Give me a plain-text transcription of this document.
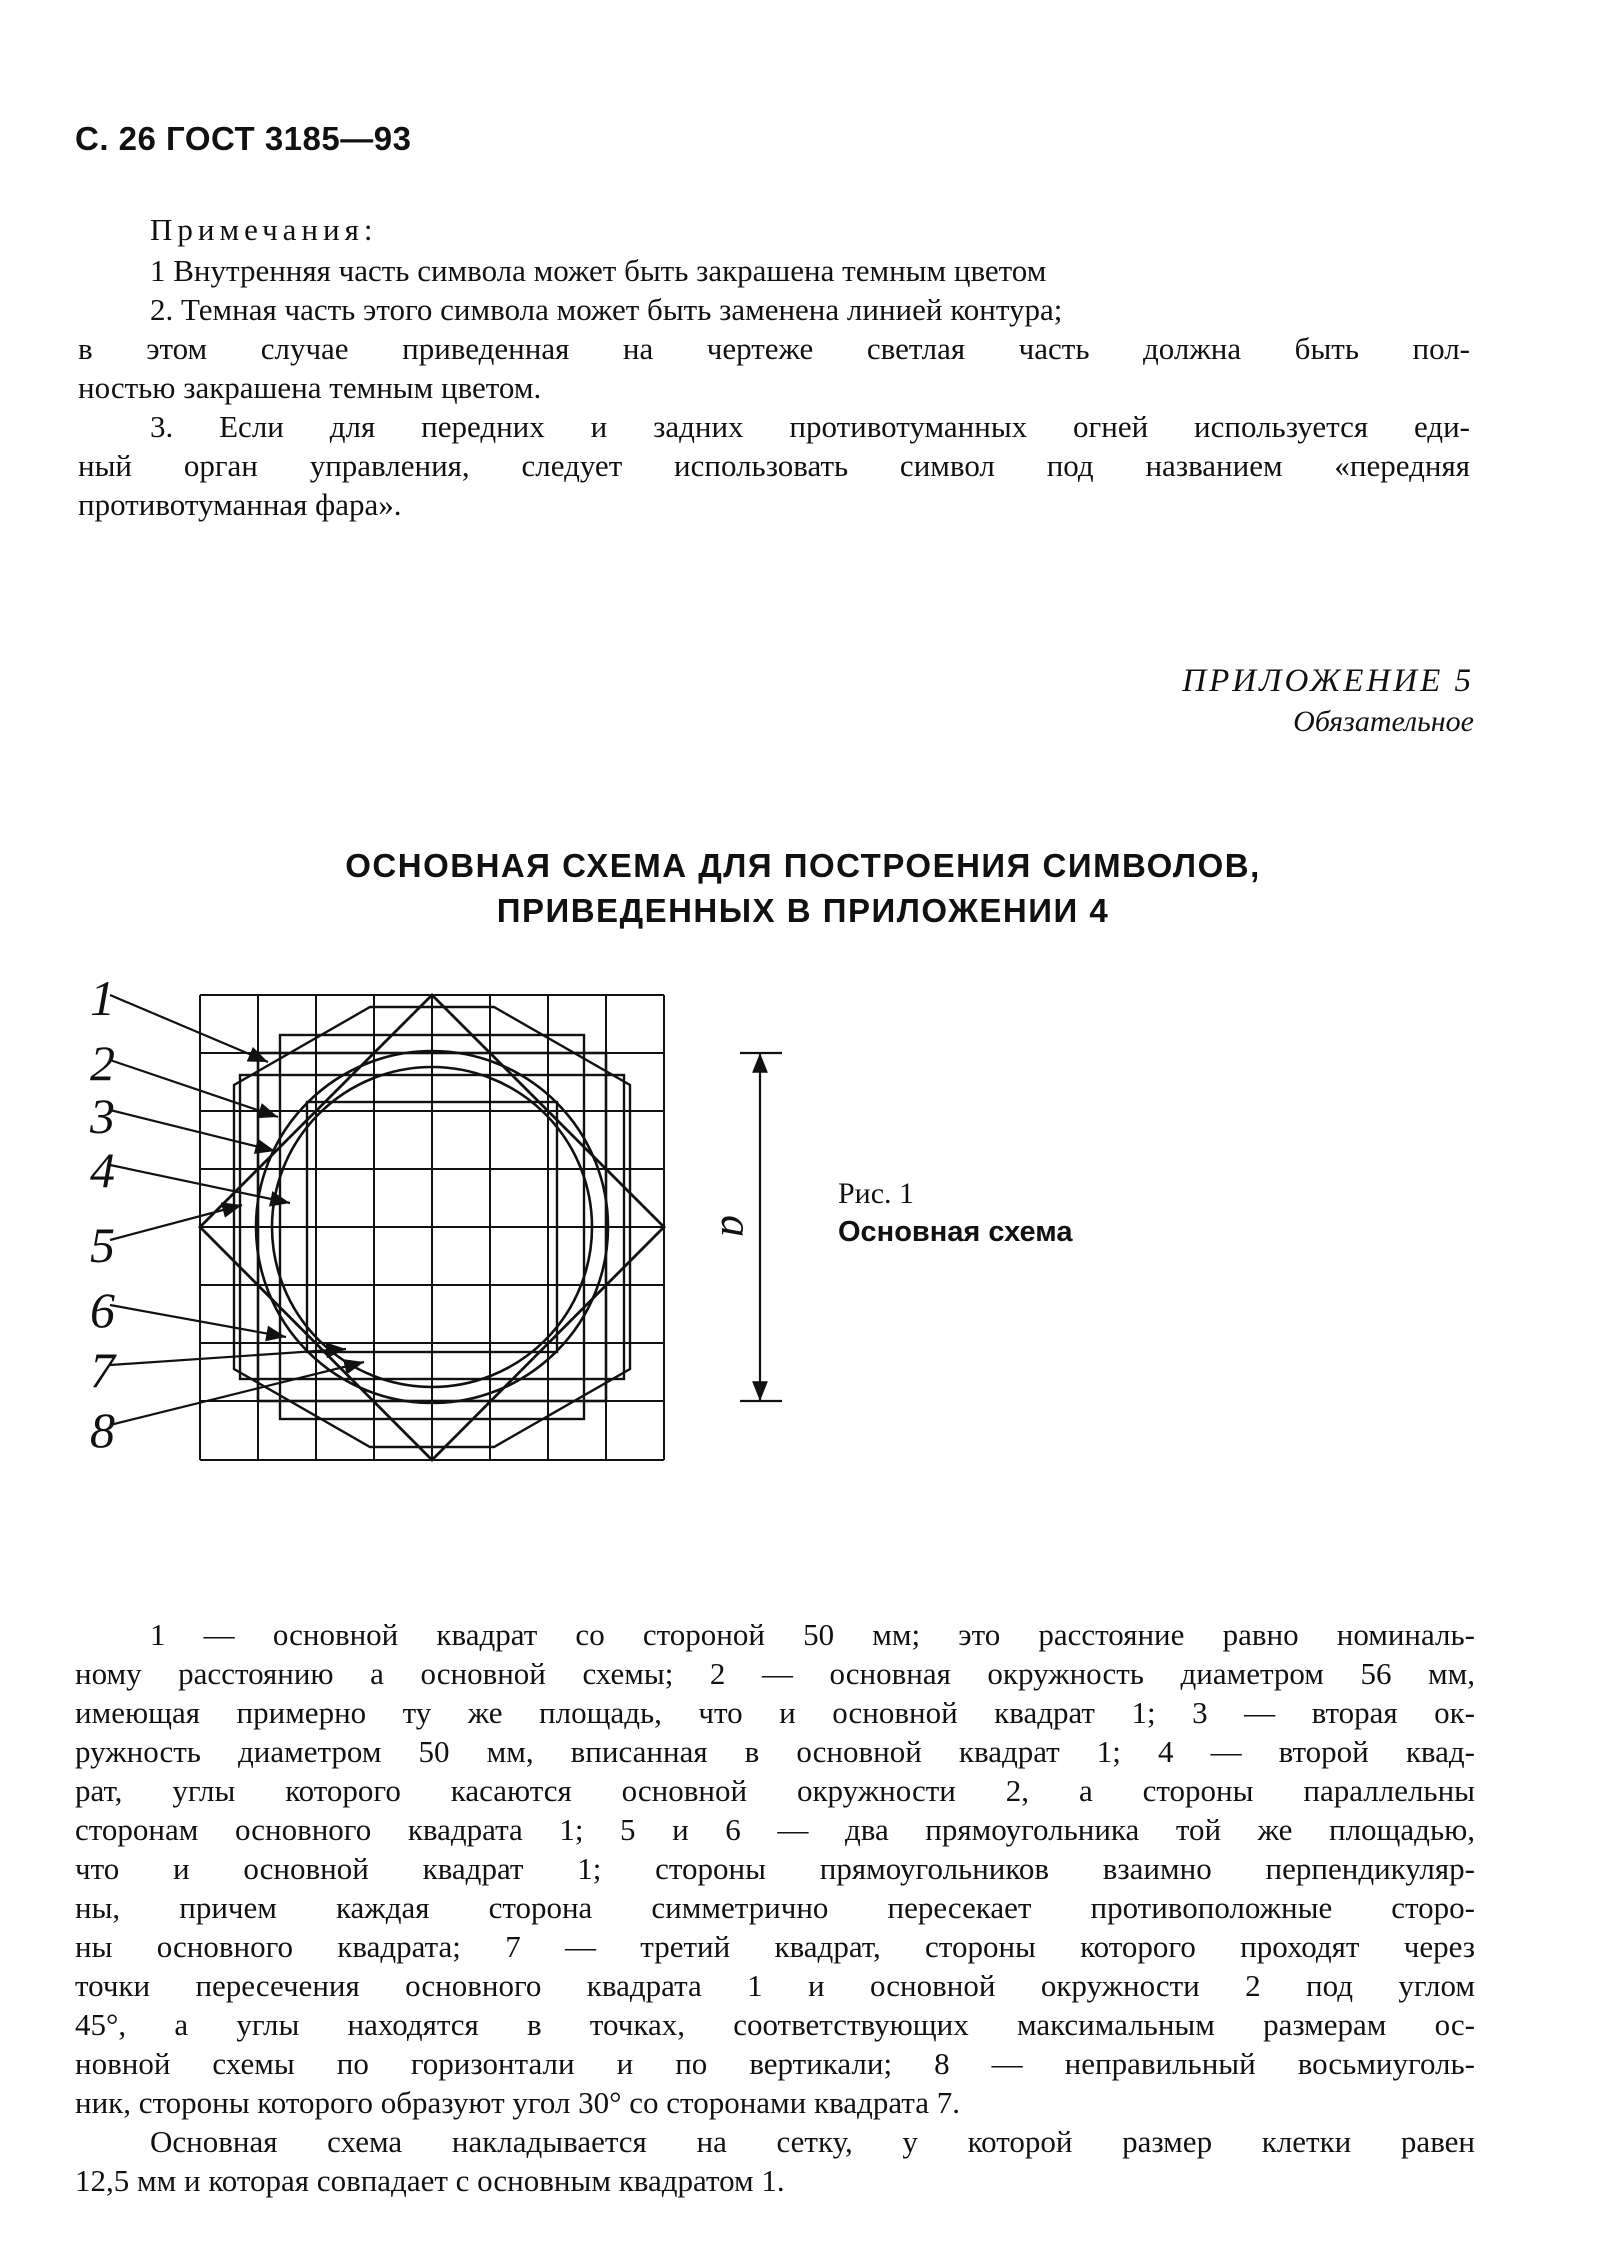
С. 26 ГОСТ 3185—93
Примечания:
1 Внутренняя часть символа может быть закрашена темным цветом
2. Темная часть этого символа может быть заменена линией контура;
в этом случае приведенная на чертеже светлая часть должна быть пол-
ностью закрашена темным цветом.
3. Если для передних и задних противотуманных огней используется еди-
ный орган управления, следует использовать символ под названием «передняя
противотуманная фара».
ПРИЛОЖЕНИЕ 5
Обязательное
ОСНОВНАЯ СХЕМА ДЛЯ ПОСТРОЕНИЯ СИМВОЛОВ,
ПРИВЕДЕННЫХ В ПРИЛОЖЕНИИ 4
1
2
3
4
5
6
7
8
a
Рис. 1
Основная схема
1 — основной квадрат со стороной 50 мм; это расстояние равно номиналь-
ному расстоянию a основной схемы; 2 — основная окружность диаметром 56 мм,
имеющая примерно ту же площадь, что и основной квадрат 1; 3 — вторая ок-
ружность диаметром 50 мм, вписанная в основной квадрат 1; 4 — второй квад-
рат, углы которого касаются основной окружности 2, а стороны параллельны
сторонам основного квадрата 1; 5 и 6 — два прямоугольника той же площадью,
что и основной квадрат 1; стороны прямоугольников взаимно перпендикуляр-
ны, причем каждая сторона симметрично пересекает противоположные сторо-
ны основного квадрата; 7 — третий квадрат, стороны которого проходят через
точки пересечения основного квадрата 1 и основной окружности 2 под углом
45°, а углы находятся в точках, соответствующих максимальным размерам ос-
новной схемы по горизонтали и по вертикали; 8 — неправильный восьмиуголь-
ник, стороны которого образуют угол 30° со сторонами квадрата 7.
Основная схема накладывается на сетку, у которой размер клетки равен
12,5 мм и которая совпадает с основным квадратом 1.
